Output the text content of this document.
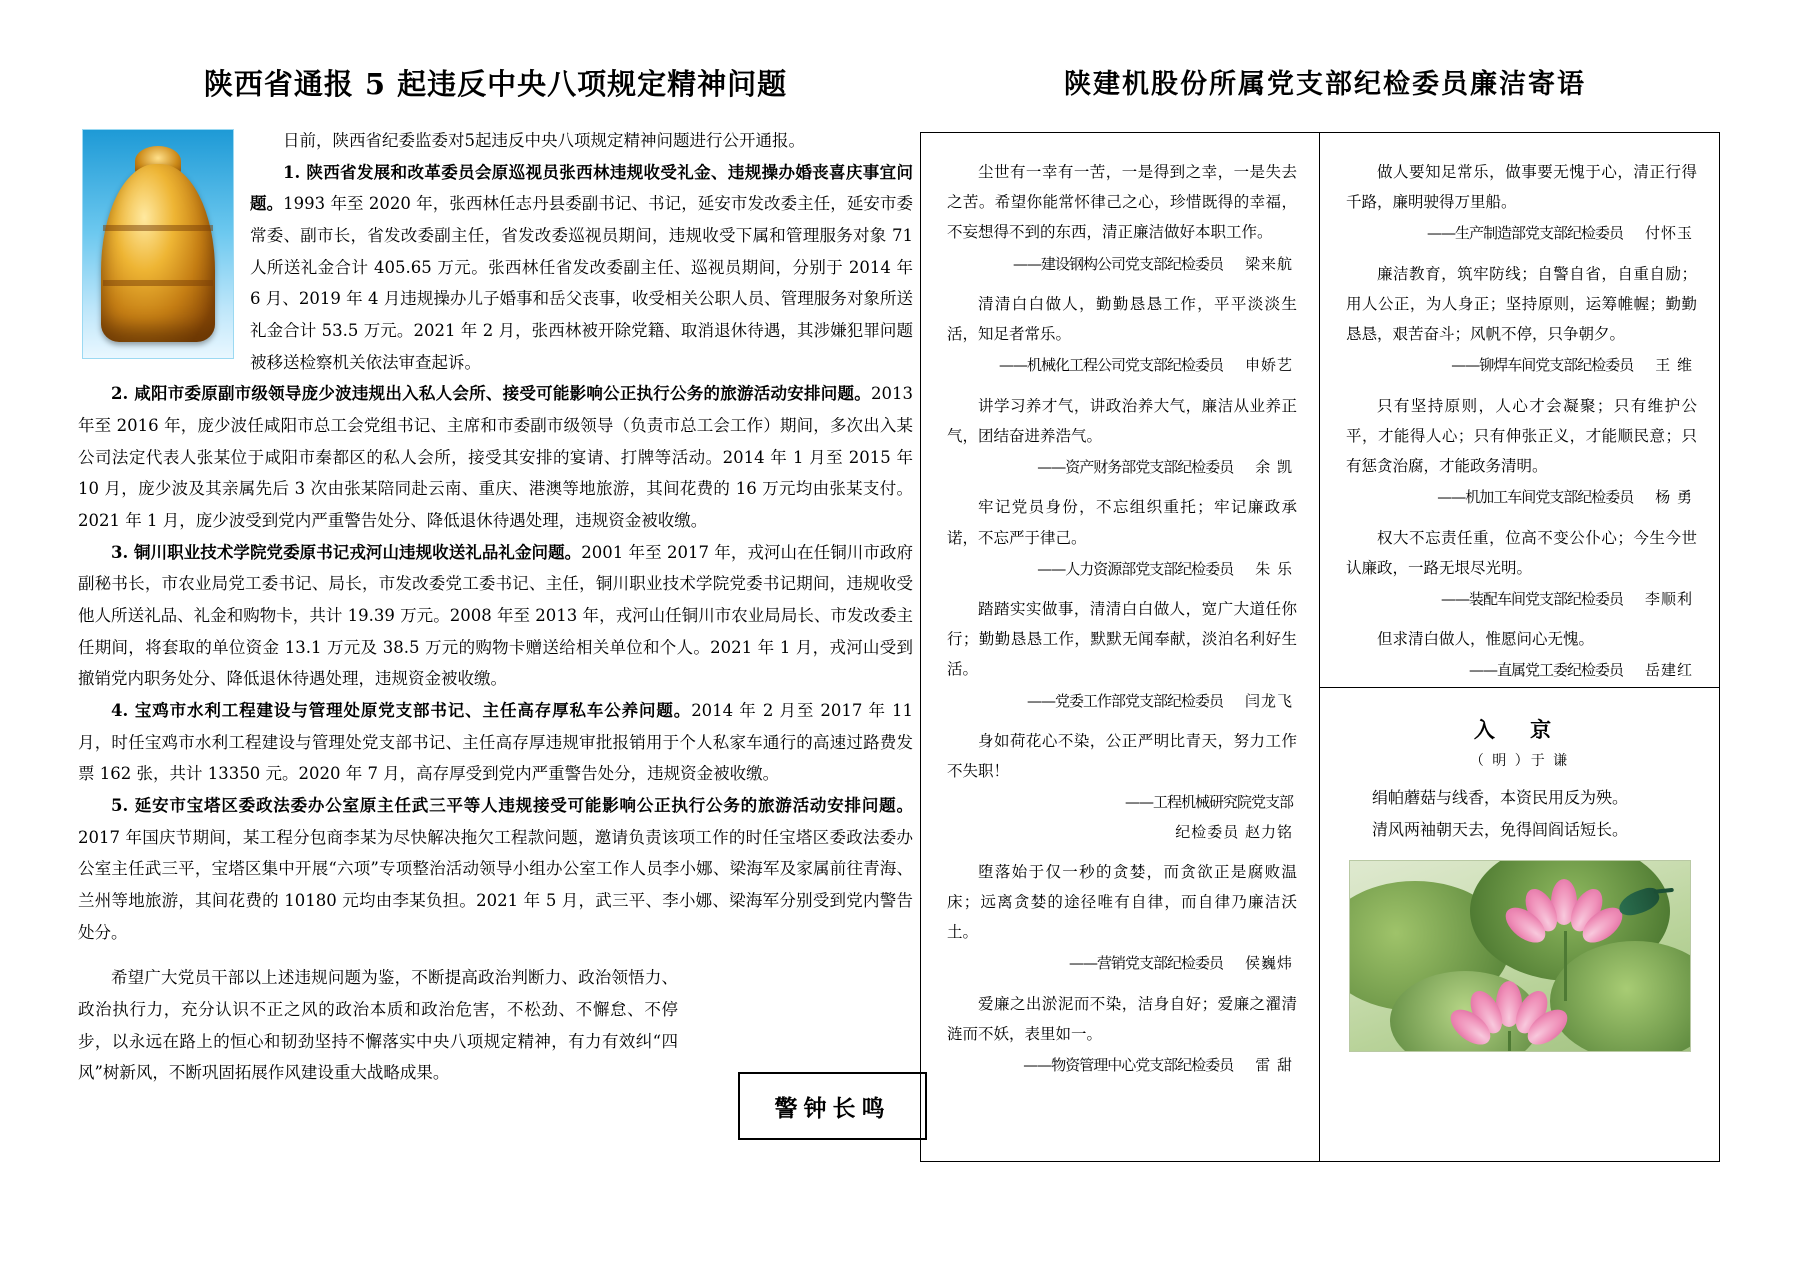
陕西省通报 5 起违反中央八项规定精神问题

日前，陕西省纪委监委对5起违反中央八项规定精神问题进行公开通报。

1. 陕西省发展和改革委员会原巡视员张西林违规收受礼金、违规操办婚丧喜庆事宜问题。1993 年至 2020 年，张西林任志丹县委副书记、书记，延安市发改委主任，延安市委常委、副市长，省发改委副主任，省发改委巡视员期间，违规收受下属和管理服务对象 71 人所送礼金合计 405.65 万元。张西林任省发改委副主任、巡视员期间，分别于 2014 年 6 月、2019 年 4 月违规操办儿子婚事和岳父丧事，收受相关公职人员、管理服务对象所送礼金合计 53.5 万元。2021 年 2 月，张西林被开除党籍、取消退休待遇，其涉嫌犯罪问题被移送检察机关依法审查起诉。

2. 咸阳市委原副市级领导庞少波违规出入私人会所、接受可能影响公正执行公务的旅游活动安排问题。2013 年至 2016 年，庞少波任咸阳市总工会党组书记、主席和市委副市级领导（负责市总工会工作）期间，多次出入某公司法定代表人张某位于咸阳市秦都区的私人会所，接受其安排的宴请、打牌等活动。2014 年 1 月至 2015 年 10 月，庞少波及其亲属先后 3 次由张某陪同赴云南、重庆、港澳等地旅游，其间花费的 16 万元均由张某支付。2021 年 1 月，庞少波受到党内严重警告处分、降低退休待遇处理，违规资金被收缴。

3. 铜川职业技术学院党委原书记戎河山违规收送礼品礼金问题。2001 年至 2017 年，戎河山在任铜川市政府副秘书长，市农业局党工委书记、局长，市发改委党工委书记、主任，铜川职业技术学院党委书记期间，违规收受他人所送礼品、礼金和购物卡，共计 19.39 万元。2008 年至 2013 年，戎河山任铜川市农业局局长、市发改委主任期间，将套取的单位资金 13.1 万元及 38.5 万元的购物卡赠送给相关单位和个人。2021 年 1 月，戎河山受到撤销党内职务处分、降低退休待遇处理，违规资金被收缴。

4. 宝鸡市水利工程建设与管理处原党支部书记、主任高存厚私车公养问题。2014 年 2 月至 2017 年 11 月，时任宝鸡市水利工程建设与管理处党支部书记、主任高存厚违规审批报销用于个人私家车通行的高速过路费发票 162 张，共计 13350 元。2020 年 7 月，高存厚受到党内严重警告处分，违规资金被收缴。

5. 延安市宝塔区委政法委办公室原主任武三平等人违规接受可能影响公正执行公务的旅游活动安排问题。2017 年国庆节期间，某工程分包商李某为尽快解决拖欠工程款问题，邀请负责该项工作的时任宝塔区委政法委办公室主任武三平，宝塔区集中开展“六项”专项整治活动领导小组办公室工作人员李小娜、梁海军及家属前往青海、兰州等地旅游，其间花费的 10180 元均由李某负担。2021 年 5 月，武三平、李小娜、梁海军分别受到党内警告处分。

希望广大党员干部以上述违规问题为鉴，不断提高政治判断力、政治领悟力、政治执行力，充分认识不正之风的政治本质和政治危害，不松劲、不懈怠、不停步，以永远在路上的恒心和韧劲坚持不懈落实中央八项规定精神，有力有效纠“四风”树新风，不断巩固拓展作风建设重大战略成果。

警钟长鸣
陕建机股份所属党支部纪检委员廉洁寄语

尘世有一幸有一苦，一是得到之幸，一是失去之苦。希望你能常怀律己之心，珍惜既得的幸福，不妄想得不到的东西，清正廉洁做好本职工作。

——建设钢构公司党支部纪检委员 梁来航

清清白白做人，勤勤恳恳工作，平平淡淡生活，知足者常乐。

——机械化工程公司党支部纪检委员 申娇艺

讲学习养才气，讲政治养大气，廉洁从业养正气，团结奋进养浩气。

——资产财务部党支部纪检委员 余 凯

牢记党员身份，不忘组织重托；牢记廉政承诺，不忘严于律己。

——人力资源部党支部纪检委员 朱 乐

踏踏实实做事，清清白白做人，宽广大道任你行；勤勤恳恳工作，默默无闻奉献，淡泊名利好生活。

——党委工作部党支部纪检委员 闫龙飞

身如荷花心不染，公正严明比青天，努力工作不失职！

——工程机械研究院党支部
纪检委员 赵力铭

堕落始于仅一秒的贪婪，而贪欲正是腐败温床；远离贪婪的途径唯有自律，而自律乃廉洁沃土。

——营销党支部纪检委员 侯巍炜

爱廉之出淤泥而不染，洁身自好；爱廉之濯清涟而不妖，表里如一。

——物资管理中心党支部纪检委员 雷 甜

做人要知足常乐，做事要无愧于心，清正行得千路，廉明驶得万里船。

——生产制造部党支部纪检委员 付怀玉

廉洁教育，筑牢防线；自警自省，自重自励；用人公正，为人身正；坚持原则，运筹帷幄；勤勤恳恳，艰苦奋斗；风帆不停，只争朝夕。

——铆焊车间党支部纪检委员 王 维

只有坚持原则，人心才会凝聚；只有维护公平，才能得人心；只有伸张正义，才能顺民意；只有惩贪治腐，才能政务清明。

——机加工车间党支部纪检委员 杨 勇

权大不忘责任重，位高不变公仆心；今生今世认廉政，一路无垠尽光明。

——装配车间党支部纪检委员 李顺利

但求清白做人，惟愿问心无愧。

——直属党工委纪检委员 岳建红

入 京
（ 明 ）于 谦

绢帕蘑菇与线香，本资民用反为殃。

清风两袖朝天去，免得闾阎话短长。
